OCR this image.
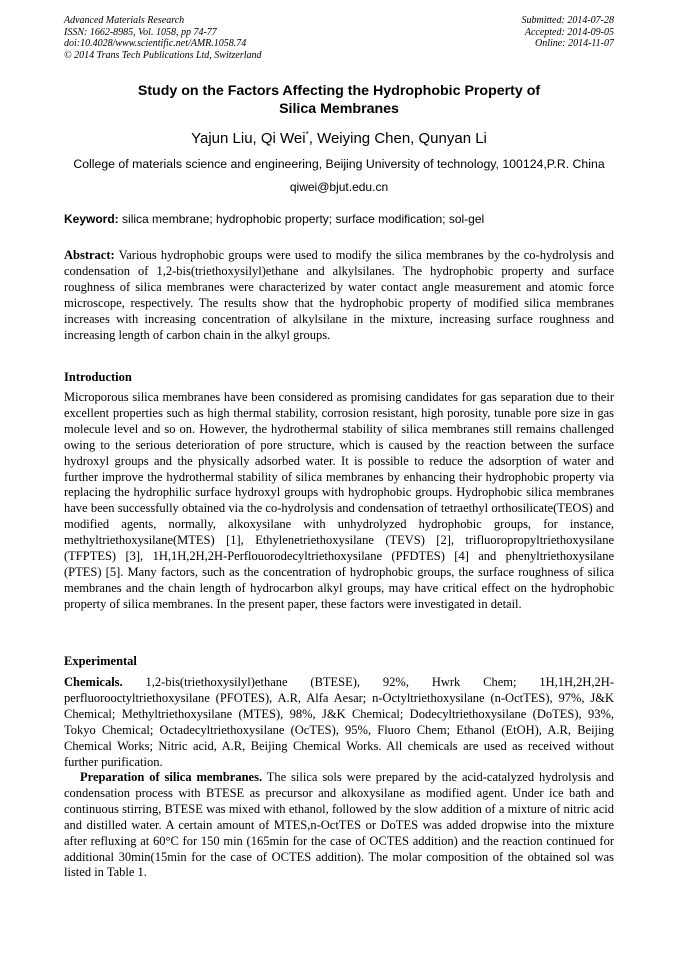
Advanced Materials Research
ISSN: 1662-8985, Vol. 1058, pp 74-77
doi:10.4028/www.scientific.net/AMR.1058.74
© 2014 Trans Tech Publications Ltd, Switzerland
Submitted: 2014-07-28
Accepted: 2014-09-05
Online: 2014-11-07
Study on the Factors Affecting the Hydrophobic Property of
Silica Membranes
Yajun Liu, Qi Wei*, Weiying Chen, Qunyan Li
College of materials science and engineering, Beijing University of technology, 100124,P.R. China
qiwei@bjut.edu.cn
Keyword: silica membrane; hydrophobic property; surface modification; sol-gel
Abstract: Various hydrophobic groups were used to modify the silica membranes by the co-hydrolysis and condensation of 1,2-bis(triethoxysilyl)ethane and alkylsilanes. The hydrophobic property and surface roughness of silica membranes were characterized by water contact angle measurement and atomic force microscope, respectively. The results show that the hydrophobic property of modified silica membranes increases with increasing concentration of alkylsilane in the mixture, increasing surface roughness and increasing length of carbon chain in the alkyl groups.
Introduction
Microporous silica membranes have been considered as promising candidates for gas separation due to their excellent properties such as high thermal stability, corrosion resistant, high porosity, tunable pore size in gas molecule level and so on. However, the hydrothermal stability of silica membranes still remains challenged owing to the serious deterioration of pore structure, which is caused by the reaction between the surface hydroxyl groups and the physically adsorbed water. It is possible to reduce the adsorption of water and further improve the hydrothermal stability of silica membranes by enhancing their hydrophobic property via replacing the hydrophilic surface hydroxyl groups with hydrophobic groups. Hydrophobic silica membranes have been successfully obtained via the co-hydrolysis and condensation of tetraethyl orthosilicate(TEOS) and modified agents, normally, alkoxysilane with unhydrolyzed hydrophobic groups, for instance, methyltriethoxysilane(MTES) [1], Ethylenetriethoxysilane (TEVS) [2], trifluoropropyltriethoxysilane (TFPTES) [3], 1H,1H,2H,2H-Perflouorodecyltriethoxysilane (PFDTES) [4] and phenyltriethoxysilane (PTES) [5]. Many factors, such as the concentration of hydrophobic groups, the surface roughness of silica membranes and the chain length of hydrocarbon alkyl groups, may have critical effect on the hydrophobic property of silica membranes. In the present paper, these factors were investigated in detail.
Experimental
Chemicals. 1,2-bis(triethoxysilyl)ethane (BTESE), 92%, Hwrk Chem; 1H,1H,2H,2H-perfluorooctyltriethoxysilane (PFOTES), A.R, Alfa Aesar; n-Octyltriethoxysilane (n-OctTES), 97%, J&K Chemical; Methyltriethoxysilane (MTES), 98%, J&K Chemical; Dodecyltriethoxysilane (DoTES), 93%, Tokyo Chemical; Octadecyltriethoxysilane (OcTES), 95%, Fluoro Chem; Ethanol (EtOH), A.R, Beijing Chemical Works; Nitric acid, A.R, Beijing Chemical Works. All chemicals are used as received without further purification.
Preparation of silica membranes. The silica sols were prepared by the acid-catalyzed hydrolysis and condensation process with BTESE as precursor and alkoxysilane as modified agent. Under ice bath and continuous stirring, BTESE was mixed with ethanol, followed by the slow addition of a mixture of nitric acid and distilled water. A certain amount of MTES,n-OctTES or DoTES was added dropwise into the mixture after refluxing at 60°C for 150 min (165min for the case of OCTES addition) and the reaction continued for additional 30min(15min for the case of OCTES addition). The molar composition of the obtained sol was listed in Table 1.
